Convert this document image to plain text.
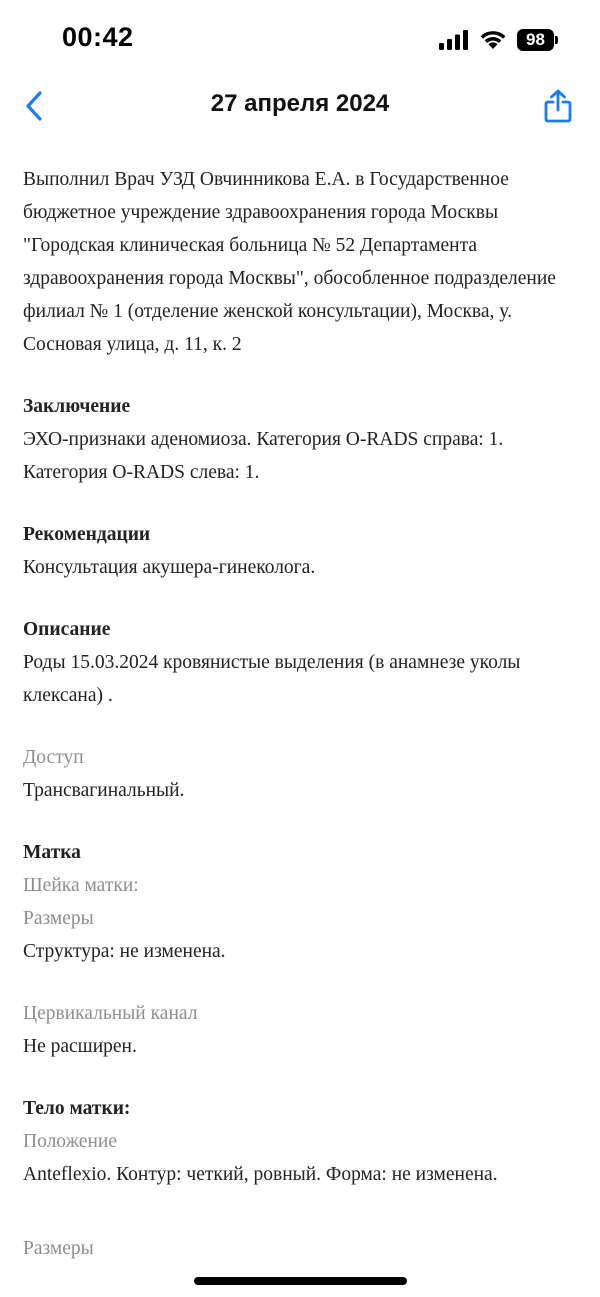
00:42	98
27 апреля 2024

Выполнил Врач УЗД Овчинникова Е.А. в Государственное бюджетное учреждение здравоохранения города Москвы "Городская клиническая больница № 52 Департамента здравоохранения города Москвы", обособленное подразделение филиал № 1 (отделение женской консультации), Москва, у. Сосновая улица, д. 11, к. 2

Заключение

ЭХО-признаки аденомиоза. Категория O-RADS справа: 1. Категория O-RADS слева: 1.

Рекомендации

Консультация акушера-гинеколога.

Описание

Роды 15.03.2024 кровянистые выделения (в анамнезе уколы клексана) .

Доступ

Трансвагинальный.

Матка

Шейка матки:

Размеры

Структура: не изменена.

Цервикальный канал

Не расширен.

Тело матки:

Положение

Anteflexio. Контур: четкий, ровный. Форма: не изменена.

Размеры
